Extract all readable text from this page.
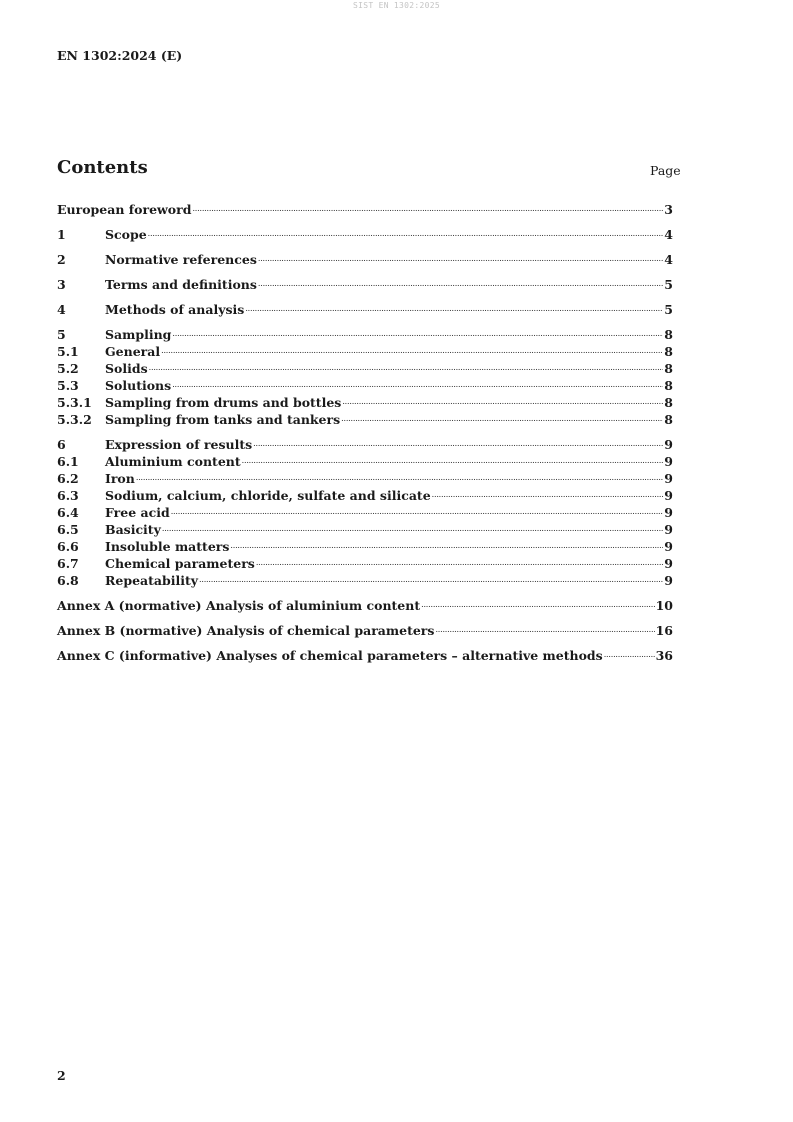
SIST EN 1302:2025
EN 1302:2024 (E)
Contents	Page
European foreword .....	3
1	Scope .....	4
2	Normative references .....	4
3	Terms and definitions .....	5
4	Methods of analysis .....	5
5	Sampling .....	8
5.1	General .....	8
5.2	Solids .....	8
5.3	Solutions .....	8
5.3.1	Sampling from drums and bottles .....	8
5.3.2	Sampling from tanks and tankers .....	8
6	Expression of results .....	9
6.1	Aluminium content .....	9
6.2	Iron .....	9
6.3	Sodium, calcium, chloride, sulfate and silicate .....	9
6.4	Free acid .....	9
6.5	Basicity .....	9
6.6	Insoluble matters .....	9
6.7	Chemical parameters .....	9
6.8	Repeatability .....	9
Annex A (normative) Analysis of aluminium content .....	10
Annex B (normative) Analysis of chemical parameters .....	16
Annex C (informative) Analyses of chemical parameters – alternative methods .....	36
2
